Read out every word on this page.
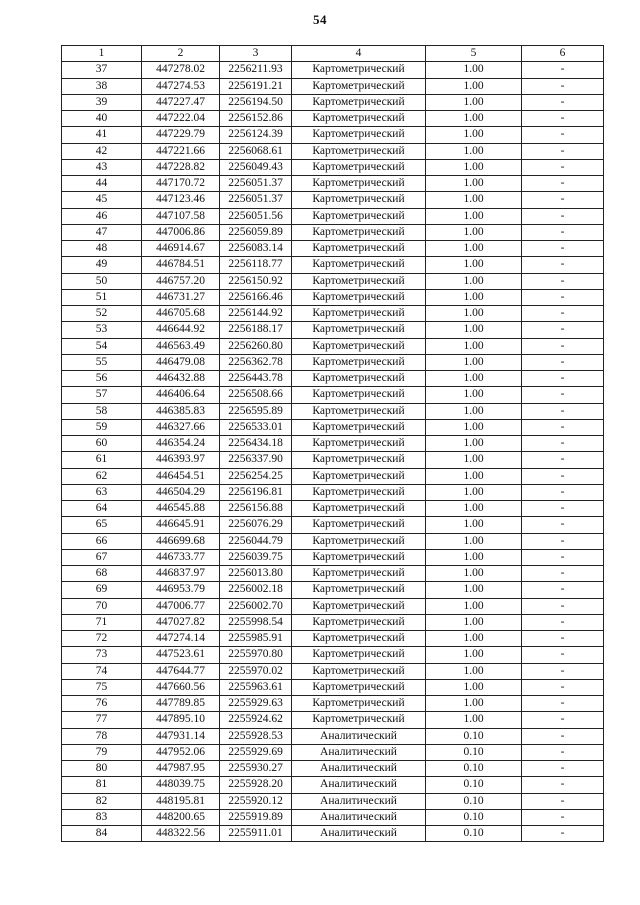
54
1	2	3	4	5	6
37	447278.02	2256211.93	Картометрический	1.00	-
38	447274.53	2256191.21	Картометрический	1.00	-
39	447227.47	2256194.50	Картометрический	1.00	-
40	447222.04	2256152.86	Картометрический	1.00	-
41	447229.79	2256124.39	Картометрический	1.00	-
42	447221.66	2256068.61	Картометрический	1.00	-
43	447228.82	2256049.43	Картометрический	1.00	-
44	447170.72	2256051.37	Картометрический	1.00	-
45	447123.46	2256051.37	Картометрический	1.00	-
46	447107.58	2256051.56	Картометрический	1.00	-
47	447006.86	2256059.89	Картометрический	1.00	-
48	446914.67	2256083.14	Картометрический	1.00	-
49	446784.51	2256118.77	Картометрический	1.00	-
50	446757.20	2256150.92	Картометрический	1.00	-
51	446731.27	2256166.46	Картометрический	1.00	-
52	446705.68	2256144.92	Картометрический	1.00	-
53	446644.92	2256188.17	Картометрический	1.00	-
54	446563.49	2256260.80	Картометрический	1.00	-
55	446479.08	2256362.78	Картометрический	1.00	-
56	446432.88	2256443.78	Картометрический	1.00	-
57	446406.64	2256508.66	Картометрический	1.00	-
58	446385.83	2256595.89	Картометрический	1.00	-
59	446327.66	2256533.01	Картометрический	1.00	-
60	446354.24	2256434.18	Картометрический	1.00	-
61	446393.97	2256337.90	Картометрический	1.00	-
62	446454.51	2256254.25	Картометрический	1.00	-
63	446504.29	2256196.81	Картометрический	1.00	-
64	446545.88	2256156.88	Картометрический	1.00	-
65	446645.91	2256076.29	Картометрический	1.00	-
66	446699.68	2256044.79	Картометрический	1.00	-
67	446733.77	2256039.75	Картометрический	1.00	-
68	446837.97	2256013.80	Картометрический	1.00	-
69	446953.79	2256002.18	Картометрический	1.00	-
70	447006.77	2256002.70	Картометрический	1.00	-
71	447027.82	2255998.54	Картометрический	1.00	-
72	447274.14	2255985.91	Картометрический	1.00	-
73	447523.61	2255970.80	Картометрический	1.00	-
74	447644.77	2255970.02	Картометрический	1.00	-
75	447660.56	2255963.61	Картометрический	1.00	-
76	447789.85	2255929.63	Картометрический	1.00	-
77	447895.10	2255924.62	Картометрический	1.00	-
78	447931.14	2255928.53	Аналитический	0.10	-
79	447952.06	2255929.69	Аналитический	0.10	-
80	447987.95	2255930.27	Аналитический	0.10	-
81	448039.75	2255928.20	Аналитический	0.10	-
82	448195.81	2255920.12	Аналитический	0.10	-
83	448200.65	2255919.89	Аналитический	0.10	-
84	448322.56	2255911.01	Аналитический	0.10	-
